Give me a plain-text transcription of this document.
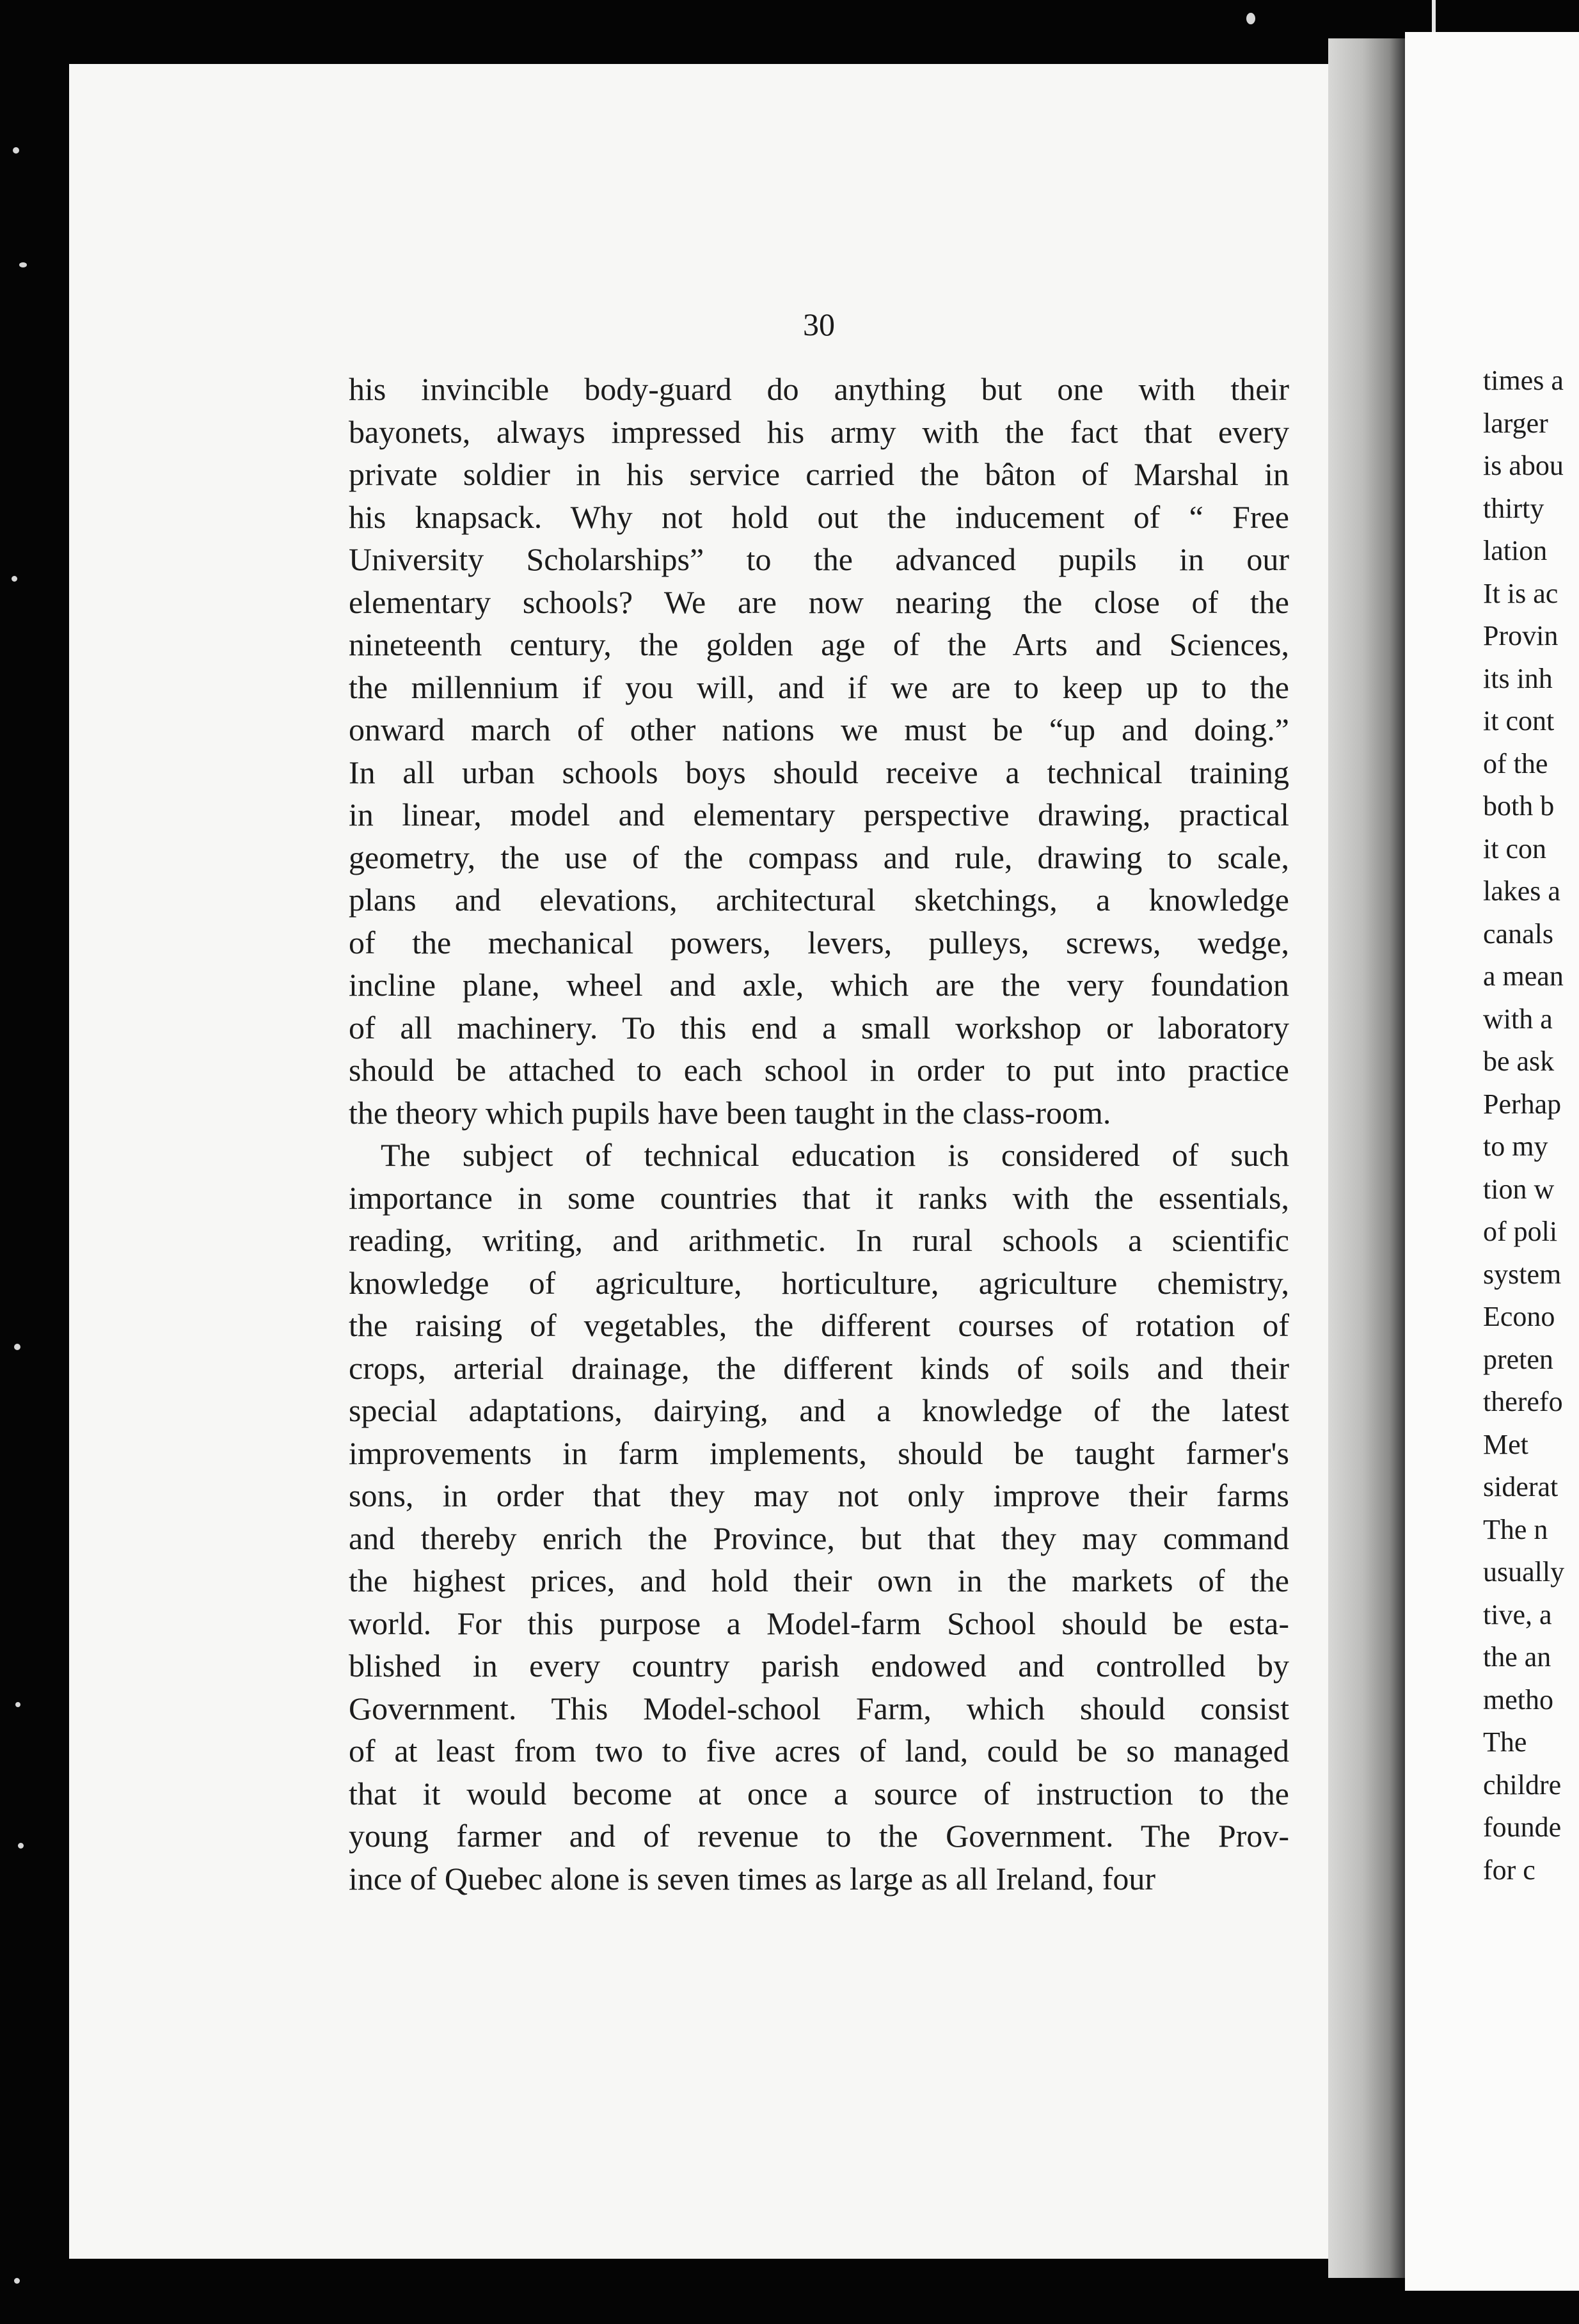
30
his invincible body-guard do anything but one with their
bayonets, always impressed his army with the fact that every
private soldier in his service carried the bâton of Marshal in
his knapsack. Why not hold out the inducement of “ Free
University Scholarships” to the advanced pupils in our
elementary schools? We are now nearing the close of the
nineteenth century, the golden age of the Arts and Sciences,
the millennium if you will, and if we are to keep up to the
onward march of other nations we must be “up and doing.”
In all urban schools boys should receive a technical training
in linear, model and elementary perspective drawing, practical
geometry, the use of the compass and rule, drawing to scale,
plans and elevations, architectural sketchings, a knowledge
of the mechanical powers, levers, pulleys, screws, wedge,
incline plane, wheel and axle, which are the very foundation
of all machinery. To this end a small workshop or laboratory
should be attached to each school in order to put into practice
the theory which pupils have been taught in the class-room.
The subject of technical education is considered of such
importance in some countries that it ranks with the essentials,
reading, writing, and arithmetic. In rural schools a scientific
knowledge of agriculture, horticulture, agriculture chemistry,
the raising of vegetables, the different courses of rotation of
crops, arterial drainage, the different kinds of soils and their
special adaptations, dairying, and a knowledge of the latest
improvements in farm implements, should be taught farmer's
sons, in order that they may not only improve their farms
and thereby enrich the Province, but that they may command
the highest prices, and hold their own in the markets of the
world. For this purpose a Model-farm School should be esta-
blished in every country parish endowed and controlled by
Government. This Model-school Farm, which should consist
of at least from two to five acres of land, could be so managed
that it would become at once a source of instruction to the
young farmer and of revenue to the Government. The Prov-
ince of Quebec alone is seven times as large as all Ireland, four
times a
larger
is abou
thirty
lation
It is ac
Provin
its inh
it cont
of the
both b
it con
lakes a
canals
a mean
with a
be ask
Perhap
to my
tion w
of poli
system
Econo
preten
therefo
Met
siderat
The n
usually
tive, a
the an
metho
The
childre
founde
for c
